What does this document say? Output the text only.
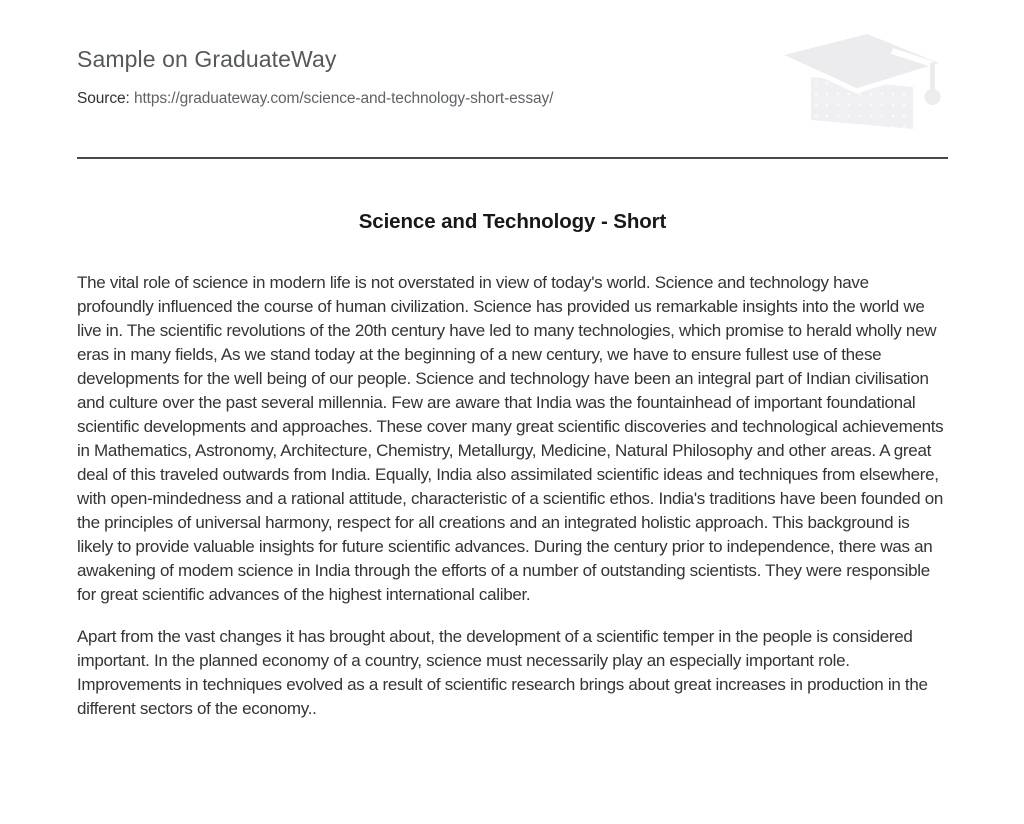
Sample on GraduateWay
Source: https://graduateway.com/science-and-technology-short-essay/
Science and Technology - Short

The vital role of science in modern life is not overstated in view of today's world. Science and technology have profoundly influenced the course of human civilization. Science has provided us remarkable insights into the world we live in. The scientific revolutions of the 20th century have led to many technologies, which promise to herald wholly new eras in many fields, As we stand today at the beginning of a new century, we have to ensure fullest use of these developments for the well being of our people. Science and technology have been an integral part of Indian civilisation and culture over the past several millennia. Few are aware that India was the fountainhead of important foundational scientific developments and approaches. These cover many great scientific discoveries and technological achievements in Mathematics, Astronomy, Architecture, Chemistry, Metallurgy, Medicine, Natural Philosophy and other areas. A great deal of this traveled outwards from India. Equally, India also assimilated scientific ideas and techniques from elsewhere, with open-mindedness and a rational attitude, characteristic of a scientific ethos. India's traditions have been founded on the principles of universal harmony, respect for all creations and an integrated holistic approach. This background is likely to provide valuable insights for future scientific advances. During the century prior to independence, there was an awakening of modem science in India through the efforts of a number of outstanding scientists. They were responsible for great scientific advances of the highest international caliber.

Apart from the vast changes it has brought about, the development of a scientific temper in the people is considered important. In the planned economy of a country, science must necessarily play an especially important role. Improvements in techniques evolved as a result of scientific research brings about great increases in production in the different sectors of the economy..
